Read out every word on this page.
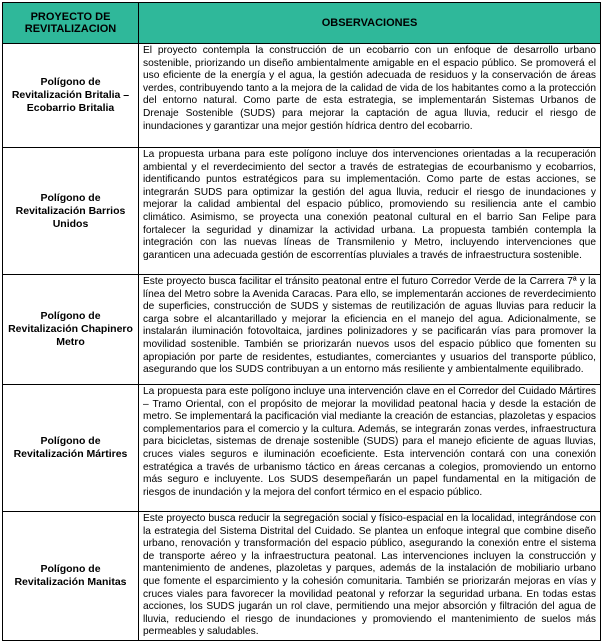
PROYECTO DE REVITALIZACION	OBSERVACIONES
Polígono de Revitalización Britalia – Ecobarrio Britalia	El proyecto contempla la construcción de un ecobarrio con un enfoque de desarrollo urbano sostenible, priorizando un diseño ambientalmente amigable en el espacio público. Se promoverá el uso eficiente de la energía y el agua, la gestión adecuada de residuos y la conservación de áreas verdes, contribuyendo tanto a la mejora de la calidad de vida de los habitantes como a la protección del entorno natural. Como parte de esta estrategia, se implementarán Sistemas Urbanos de Drenaje Sostenible (SUDS) para mejorar la captación de agua lluvia, reducir el riesgo de inundaciones y garantizar una mejor gestión hídrica dentro del ecobarrio.
Polígono de Revitalización Barrios Unidos	La propuesta urbana para este polígono incluye dos intervenciones orientadas a la recuperación ambiental y el reverdecimiento del sector a través de estrategias de ecourbanismo y ecobarrios, identificando puntos estratégicos para su implementación. Como parte de estas acciones, se integrarán SUDS para optimizar la gestión del agua lluvia, reducir el riesgo de inundaciones y mejorar la calidad ambiental del espacio público, promoviendo su resiliencia ante el cambio climático. Asimismo, se proyecta una conexión peatonal cultural en el barrio San Felipe para fortalecer la seguridad y dinamizar la actividad urbana. La propuesta también contempla la integración con las nuevas líneas de Transmilenio y Metro, incluyendo intervenciones que garanticen una adecuada gestión de escorrentías pluviales a través de infraestructura sostenible.
Polígono de Revitalización Chapinero Metro	Este proyecto busca facilitar el tránsito peatonal entre el futuro Corredor Verde de la Carrera 7ª y la línea del Metro sobre la Avenida Caracas. Para ello, se implementarán acciones de reverdecimiento de superficies, construcción de SUDS y sistemas de reutilización de aguas lluvias para reducir la carga sobre el alcantarillado y mejorar la eficiencia en el manejo del agua. Adicionalmente, se instalarán iluminación fotovoltaica, jardines polinizadores y se pacificarán vías para promover la movilidad sostenible. También se priorizarán nuevos usos del espacio público que fomenten su apropiación por parte de residentes, estudiantes, comerciantes y usuarios del transporte público, asegurando que los SUDS contribuyan a un entorno más resiliente y ambientalmente equilibrado.
Polígono de Revitalización Mártires	La propuesta para este polígono incluye una intervención clave en el Corredor del Cuidado Mártires – Tramo Oriental, con el propósito de mejorar la movilidad peatonal hacia y desde la estación de metro. Se implementará la pacificación vial mediante la creación de estancias, plazoletas y espacios complementarios para el comercio y la cultura. Además, se integrarán zonas verdes, infraestructura para bicicletas, sistemas de drenaje sostenible (SUDS) para el manejo eficiente de aguas lluvias, cruces viales seguros e iluminación ecoeficiente. Esta intervención contará con una conexión estratégica a través de urbanismo táctico en áreas cercanas a colegios, promoviendo un entorno más seguro e incluyente. Los SUDS desempeñarán un papel fundamental en la mitigación de riesgos de inundación y la mejora del confort térmico en el espacio público.
Polígono de Revitalización Manitas	Este proyecto busca reducir la segregación social y físico-espacial en la localidad, integrándose con la estrategia del Sistema Distrital del Cuidado. Se plantea un enfoque integral que combine diseño urbano, renovación y transformación del espacio público, asegurando la conexión entre el sistema de transporte aéreo y la infraestructura peatonal. Las intervenciones incluyen la construcción y mantenimiento de andenes, plazoletas y parques, además de la instalación de mobiliario urbano que fomente el esparcimiento y la cohesión comunitaria. También se priorizarán mejoras en vías y cruces viales para favorecer la movilidad peatonal y reforzar la seguridad urbana. En todas estas acciones, los SUDS jugarán un rol clave, permitiendo una mejor absorción y filtración del agua de lluvia, reduciendo el riesgo de inundaciones y promoviendo el mantenimiento de suelos más permeables y saludables.
